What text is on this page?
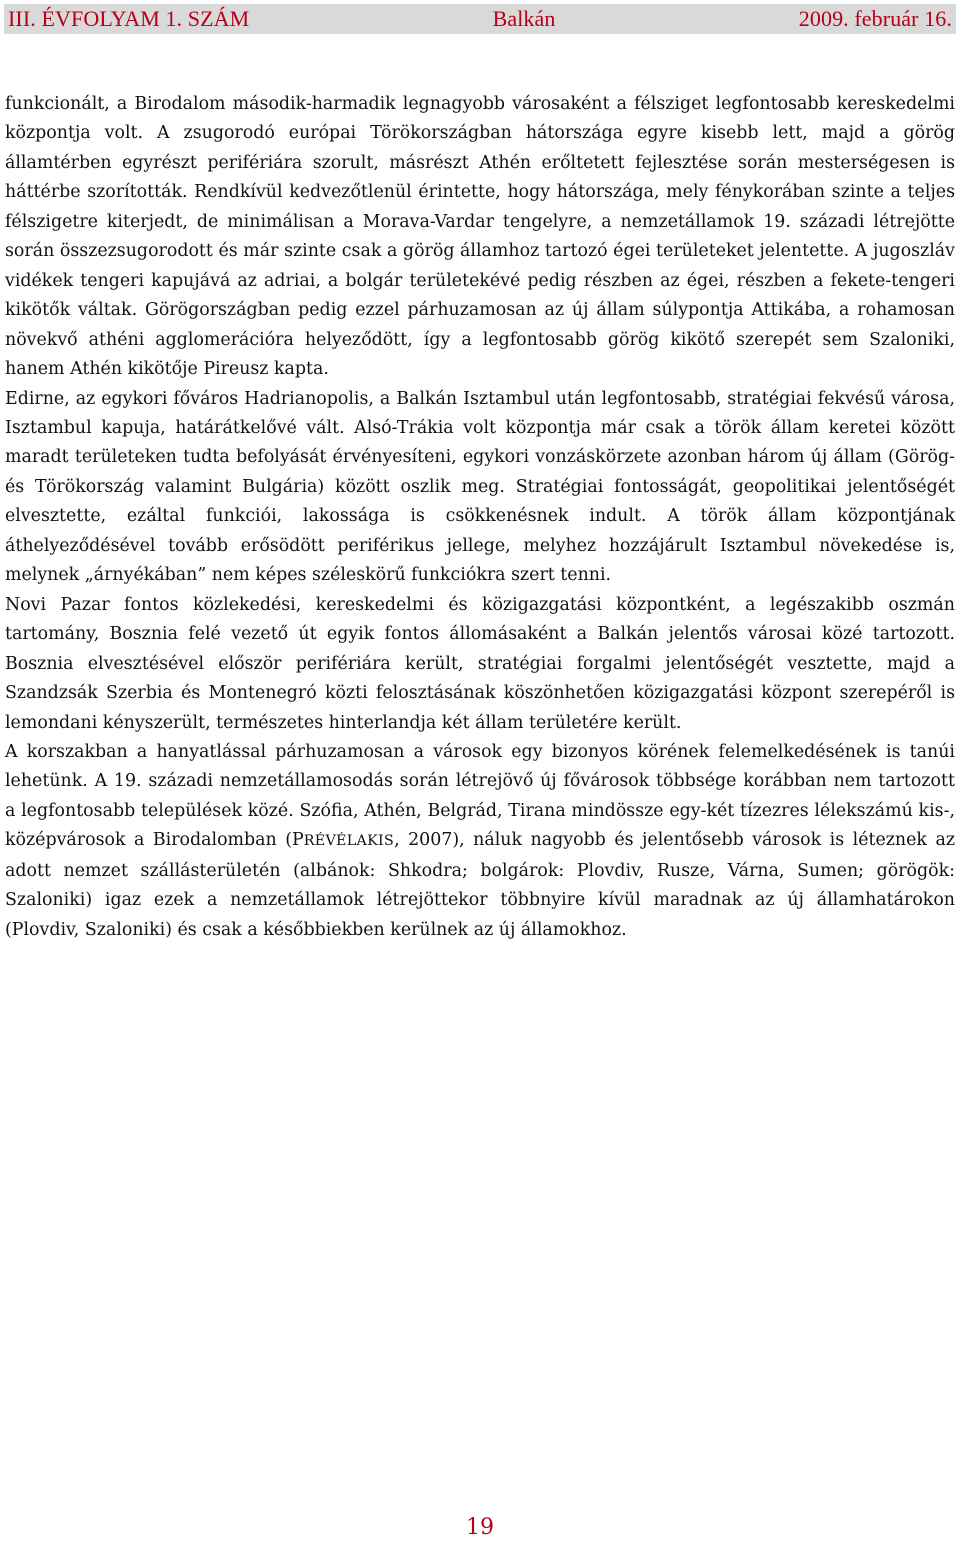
III. ÉVFOLYAM 1. SZÁM	Balkán	2009. február 16.

funkcionált, a Birodalom második-harmadik legnagyobb városaként a félsziget legfontosabb kereskedelmi központja volt. A zsugorodó európai Törökországban hátországa egyre kisebb lett, majd a görög államtérben egyrészt perifériára szorult, másrészt Athén erőltetett fejlesztése során mesterségesen is háttérbe szorították. Rendkívül kedvezőtlenül érintette, hogy hátországa, mely fénykorában szinte a teljes félszigetre kiterjedt, de minimálisan a Morava-Vardar tengelyre, a nemzetállamok 19. századi létrejötte során összezsugorodott és már szinte csak a görög államhoz tartozó égei területeket jelentette. A jugoszláv vidékek tengeri kapujává az adriai, a bolgár területekévé pedig részben az égei, részben a fekete-tengeri kikötők váltak. Görögországban pedig ezzel párhuzamosan az új állam súlypontja Attikába, a rohamosan növekvő athéni agglomerációra helyeződött, így a legfontosabb görög kikötő szerepét sem Szaloniki, hanem Athén kikötője Pireusz kapta.

Edirne, az egykori főváros Hadrianopolis, a Balkán Isztambul után legfontosabb, stratégiai fekvésű városa, Isztambul kapuja, határátkelővé vált. Alsó-Trákia volt központja már csak a török állam keretei között maradt területeken tudta befolyását érvényesíteni, egykori vonzáskörzete azonban három új állam (Görög- és Törökország valamint Bulgária) között oszlik meg. Stratégiai fontosságát, geopolitikai jelentőségét elvesztette, ezáltal funkciói, lakossága is csökkenésnek indult. A török állam központjának áthelyeződésével tovább erősödött periférikus jellege, melyhez hozzájárult Isztambul növekedése is, melynek „árnyékában” nem képes széleskörű funkciókra szert tenni.

Novi Pazar fontos közlekedési, kereskedelmi és közigazgatási központként, a legészakibb oszmán tartomány, Bosznia felé vezető út egyik fontos állomásaként a Balkán jelentős városai közé tartozott. Bosznia elvesztésével először perifériára került, stratégiai forgalmi jelentőségét vesztette, majd a Szandzsák Szerbia és Montenegró közti felosztásának köszönhetően közigazgatási központ szerepéről is lemondani kényszerült, természetes hinterlandja két állam területére került.

A korszakban a hanyatlással párhuzamosan a városok egy bizonyos körének felemelkedésének is tanúi lehetünk. A 19. századi nemzetállamosodás során létrejövő új fővárosok többsége korábban nem tartozott a legfontosabb települések közé. Szófia, Athén, Belgrád, Tirana mindössze egy-két tízezres lélekszámú kis-, középvárosok a Birodalomban (PRÉVÉLAKIS, 2007), náluk nagyobb és jelentősebb városok is léteznek az adott nemzet szállásterületén (albánok: Shkodra; bolgárok: Plovdiv, Rusze, Várna, Sumen; görögök: Szaloniki) igaz ezek a nemzetállamok létrejöttekor többnyire kívül maradnak az új államhatárokon (Plovdiv, Szaloniki) és csak a későbbiekben kerülnek az új államokhoz.

19
